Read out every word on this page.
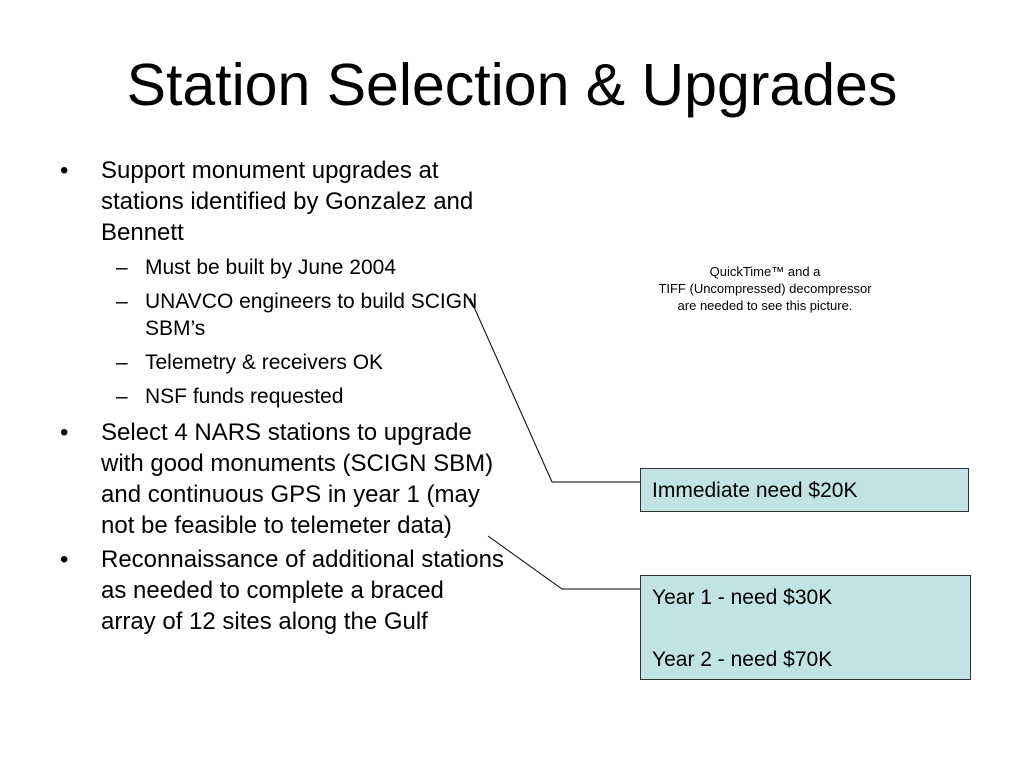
Station Selection & Upgrades
• Support monument upgrades at stations identified by Gonzalez and Bennett
– Must be built by June 2004
– UNAVCO engineers to build SCIGN SBM’s
– Telemetry & receivers OK
– NSF funds requested
• Select 4 NARS stations to upgrade with good monuments (SCIGN SBM) and continuous GPS in year 1 (may not be feasible to telemeter data)
• Reconnaissance of additional stations as needed to complete a braced array of 12 sites along the Gulf
QuickTime™ and a
TIFF (Uncompressed) decompressor
are needed to see this picture.
Immediate need $20K
Year 1 - need $30K
Year 2 - need $70K
